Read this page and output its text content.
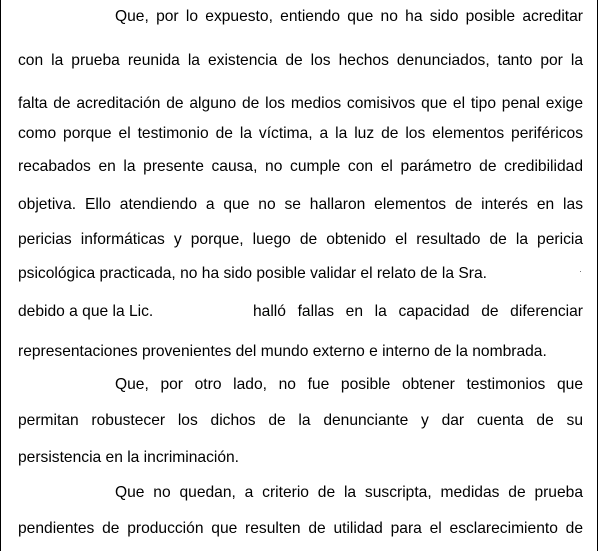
Que, por lo expuesto, entiendo que no ha sido posible acreditar
con la prueba reunida la existencia de los hechos denunciados, tanto por la
falta de acreditación de alguno de los medios comisivos que el tipo penal exige
como porque el testimonio de la víctima, a la luz de los elementos periféricos
recabados en la presente causa, no cumple con el parámetro de credibilidad
objetiva. Ello atendiendo a que no se hallaron elementos de interés en las
pericias informáticas y porque, luego de obtenido el resultado de la pericia
psicológica practicada, no ha sido posible validar el relato de la Sra.
debido a que la Lic.	halló fallas en la capacidad de diferenciar
representaciones provenientes del mundo externo e interno de la nombrada.
Que, por otro lado, no fue posible obtener testimonios que
permitan robustecer los dichos de la denunciante y dar cuenta de su
persistencia en la incriminación.
Que no quedan, a criterio de la suscripta, medidas de prueba
pendientes de producción que resulten de utilidad para el esclarecimiento de
